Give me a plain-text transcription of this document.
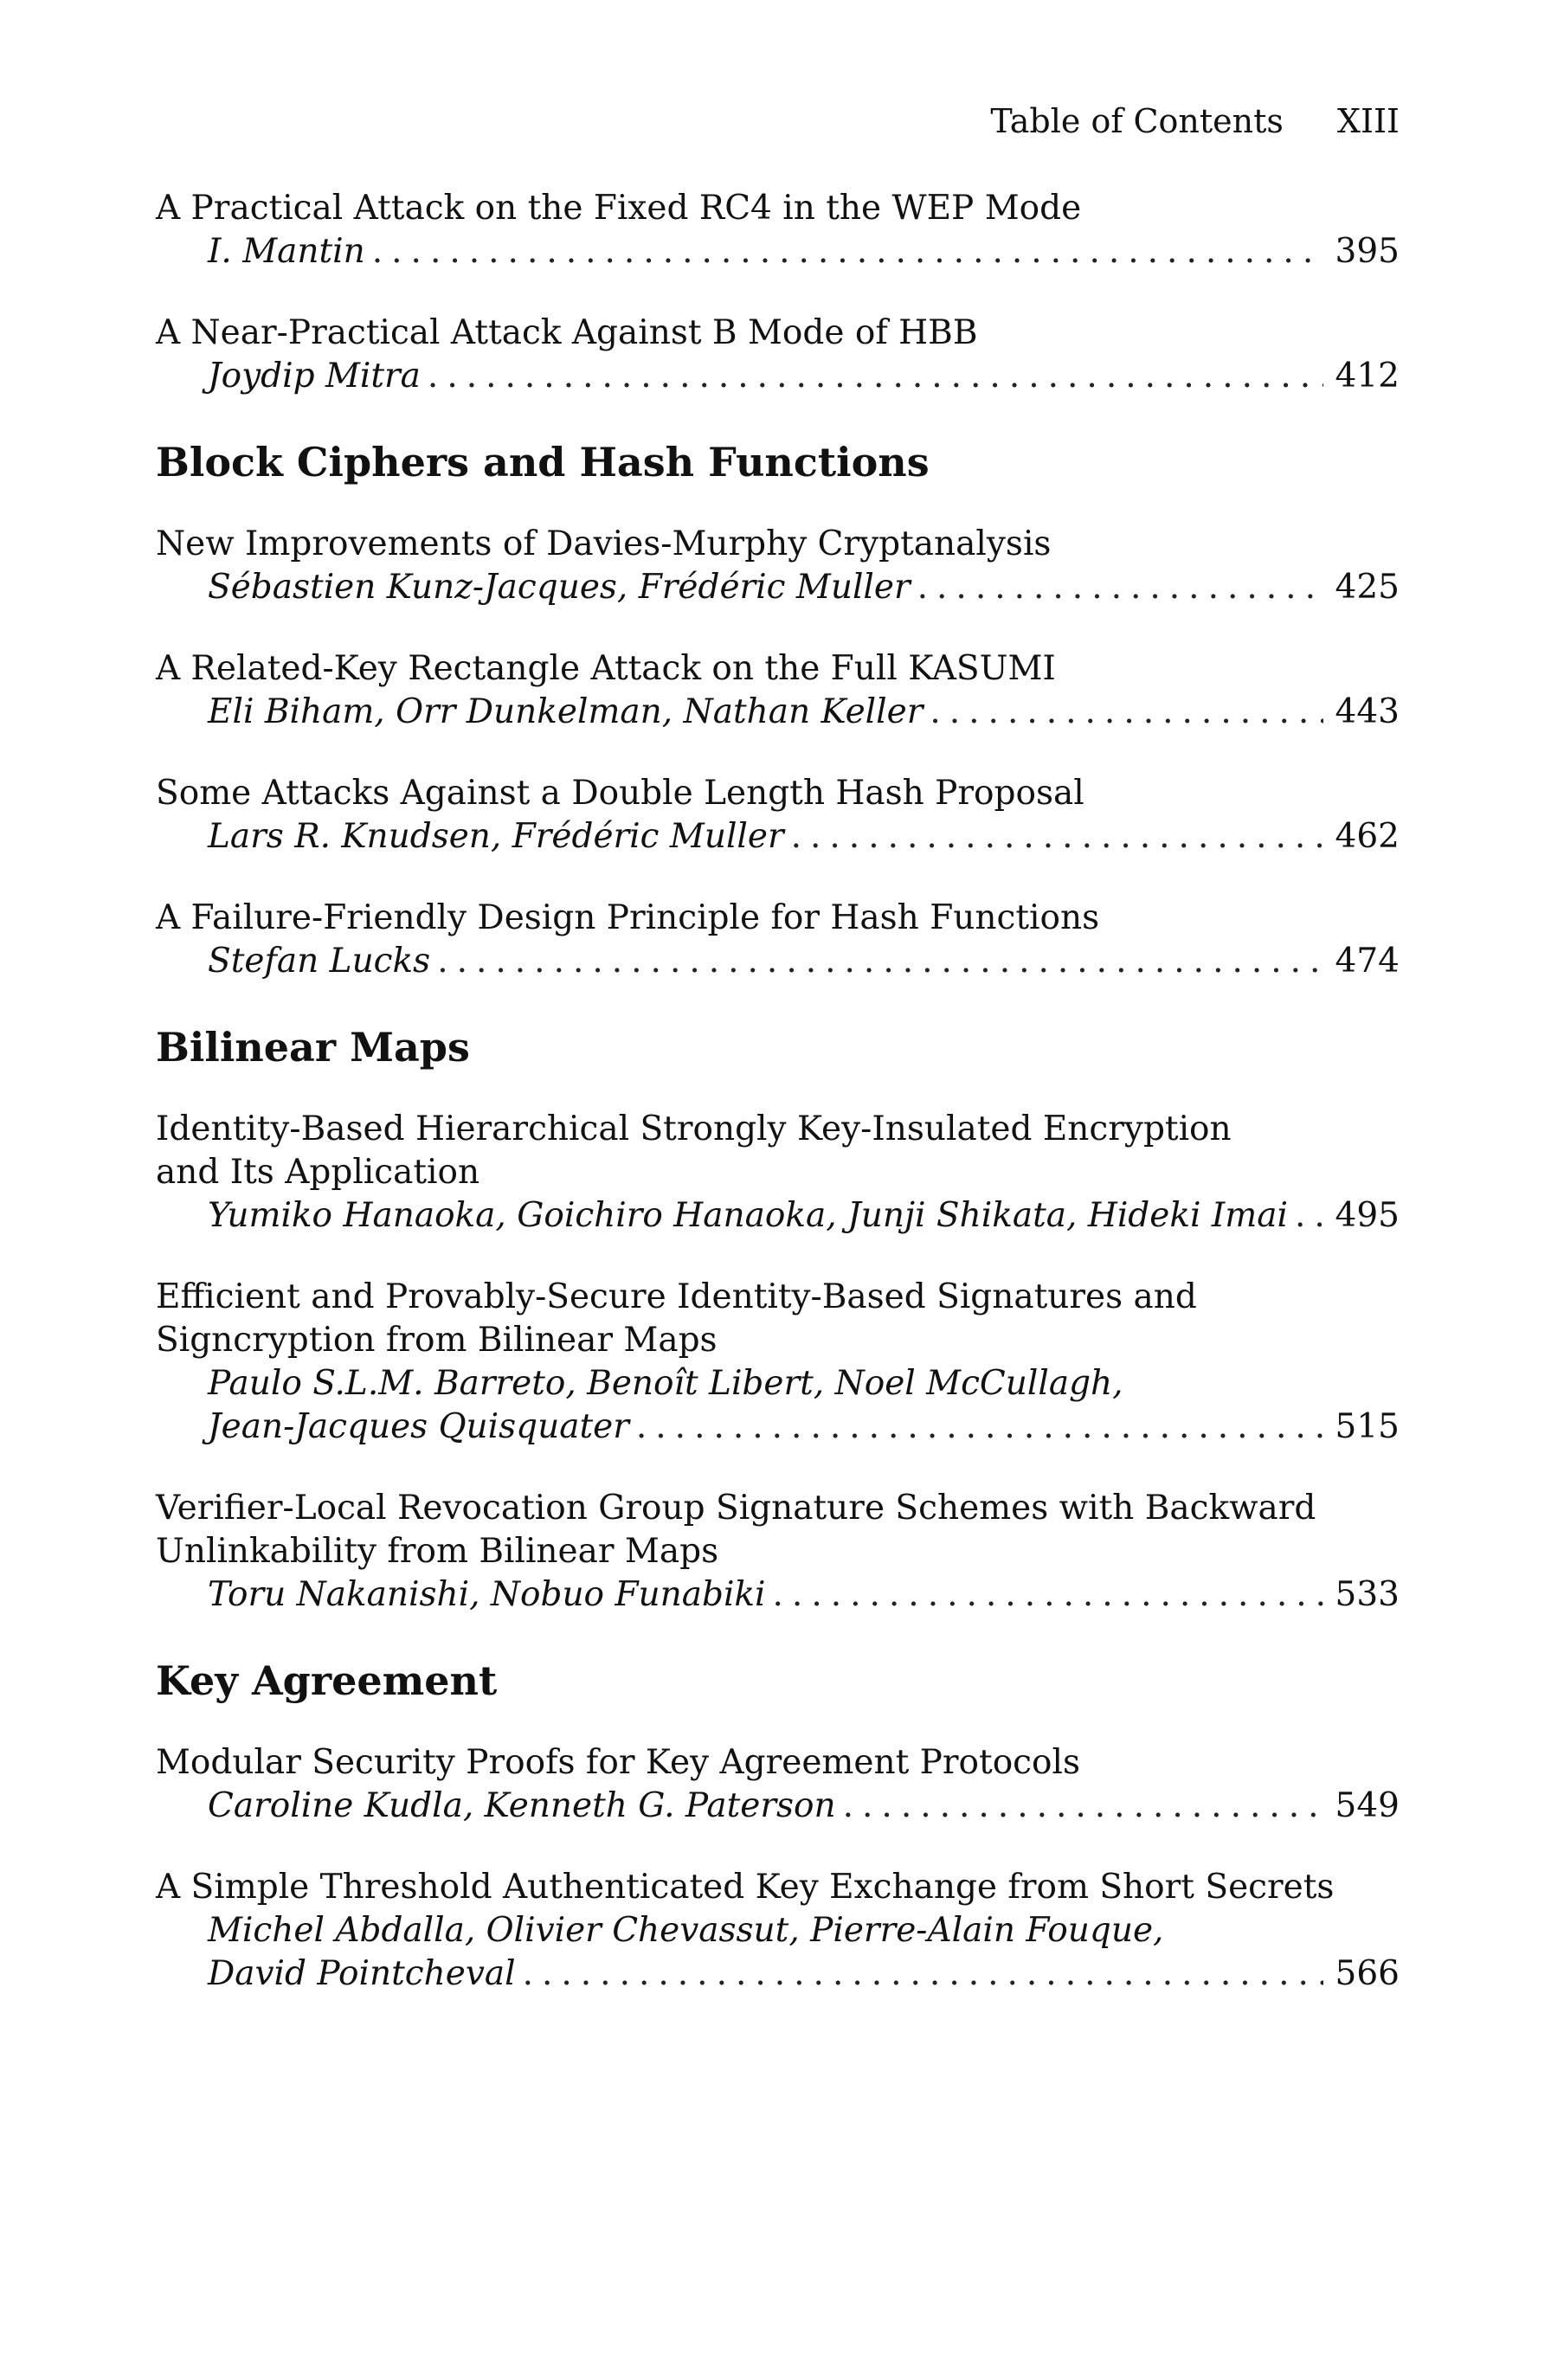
Table of Contents XIII
A Practical Attack on the Fixed RC4 in the WEP Mode
I. Mantin .....	395
A Near-Practical Attack Against B Mode of HBB
Joydip Mitra .....	412
Block Ciphers and Hash Functions
New Improvements of Davies-Murphy Cryptanalysis
Sébastien Kunz-Jacques, Frédéric Muller .....	425
A Related-Key Rectangle Attack on the Full KASUMI
Eli Biham, Orr Dunkelman, Nathan Keller .....	443
Some Attacks Against a Double Length Hash Proposal
Lars R. Knudsen, Frédéric Muller .....	462
A Failure-Friendly Design Principle for Hash Functions
Stefan Lucks .....	474
Bilinear Maps
Identity-Based Hierarchical Strongly Key-Insulated Encryption
and Its Application
Yumiko Hanaoka, Goichiro Hanaoka, Junji Shikata, Hideki Imai ..... 495
Efficient and Provably-Secure Identity-Based Signatures and
Signcryption from Bilinear Maps
Paulo S.L.M. Barreto, Benoît Libert, Noel McCullagh,
Jean-Jacques Quisquater .....	515
Verifier-Local Revocation Group Signature Schemes with Backward
Unlinkability from Bilinear Maps
Toru Nakanishi, Nobuo Funabiki .....	533
Key Agreement
Modular Security Proofs for Key Agreement Protocols
Caroline Kudla, Kenneth G. Paterson .....	549
A Simple Threshold Authenticated Key Exchange from Short Secrets
Michel Abdalla, Olivier Chevassut, Pierre-Alain Fouque,
David Pointcheval .....	566
